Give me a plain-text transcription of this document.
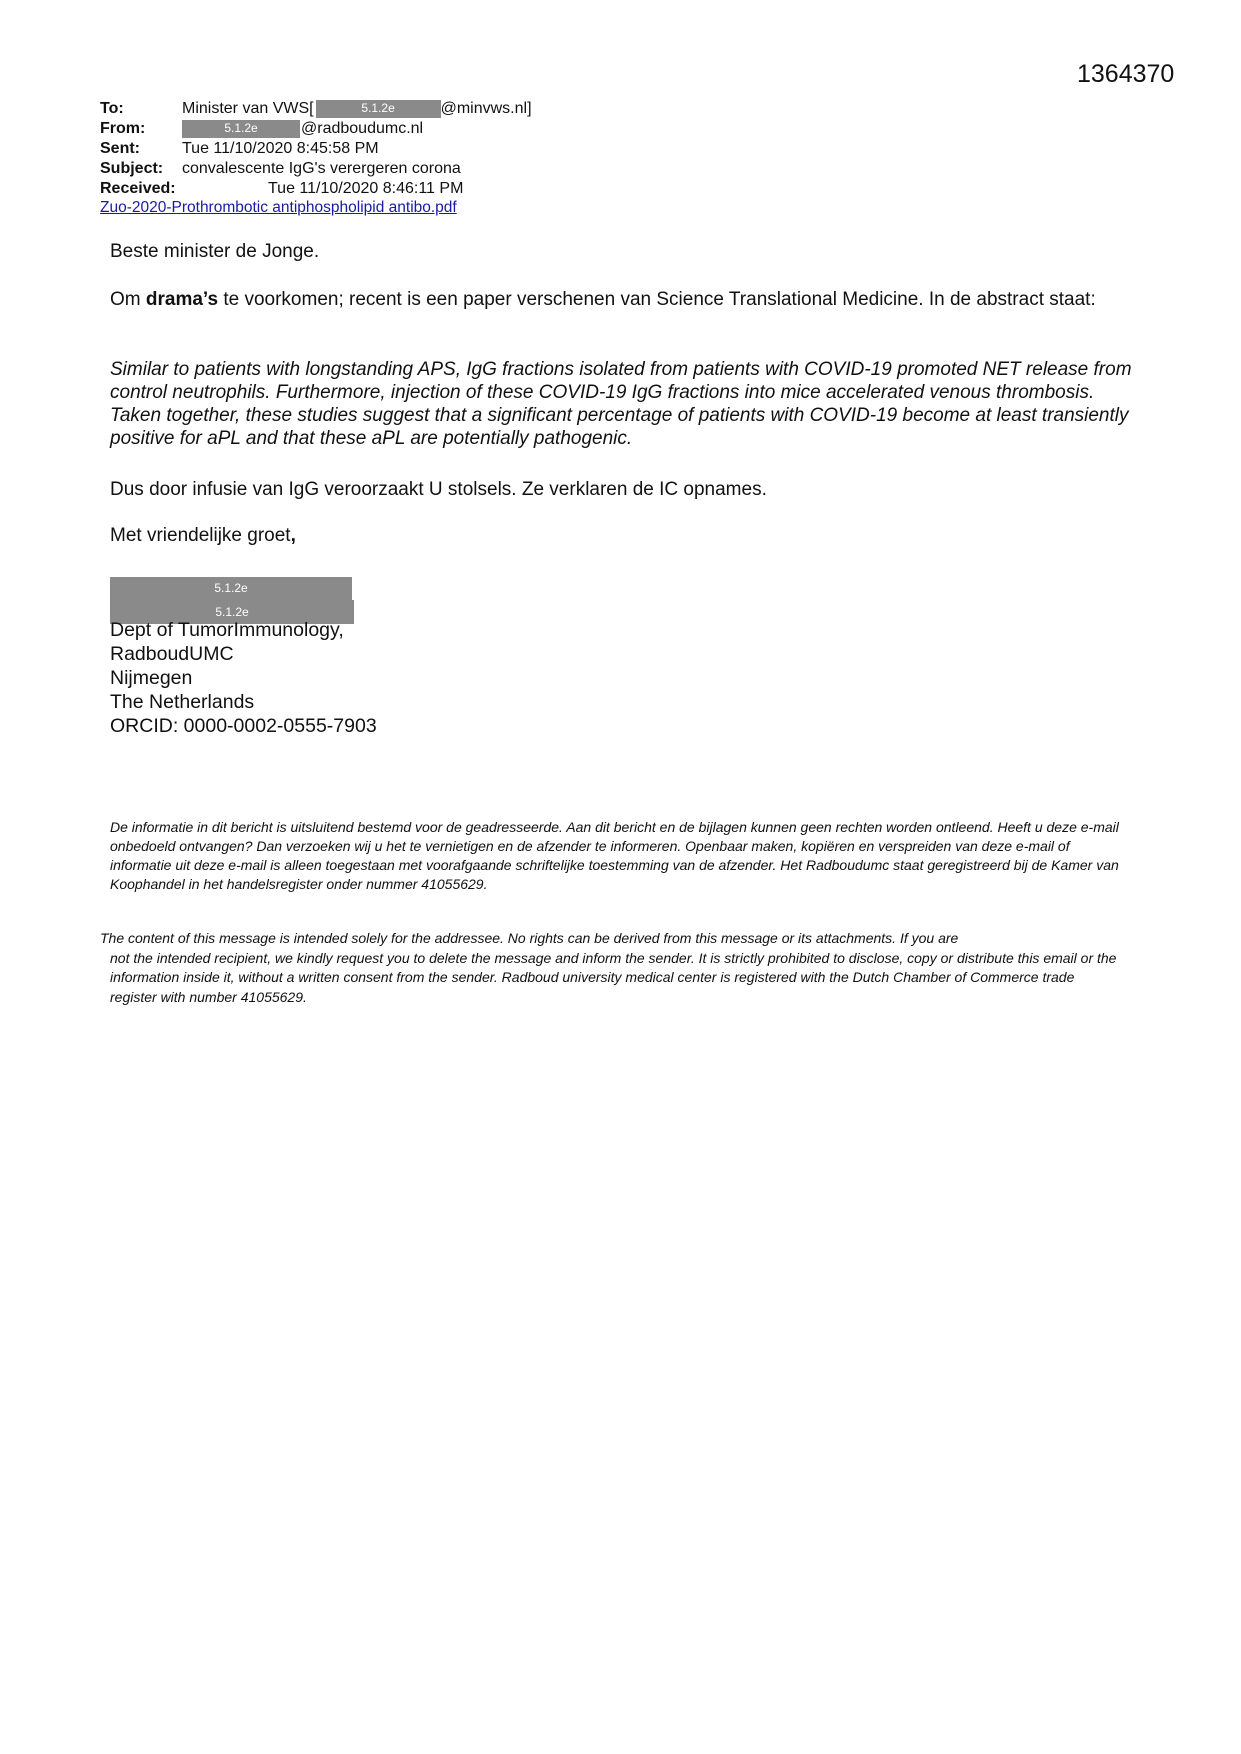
1364370
To:	Minister van VWS[	5.1.2e	@minvws.nl]
From:	5.1.2e	@radboudumc.nl
Sent:	Tue 11/10/2020 8:45:58 PM
Subject: convalescente IgG's verergeren corona
Received:	Tue 11/10/2020 8:46:11 PM
Zuo-2020-Prothrombotic antiphospholipid antibo.pdf

Beste minister de Jonge.

Om drama’s te voorkomen; recent is een paper verschenen van Science Translational Medicine. In de abstract staat:

Similar to patients with longstanding APS, IgG fractions isolated from patients with COVID-19 promoted NET release from control neutrophils. Furthermore, injection of these COVID-19 IgG fractions into mice accelerated venous thrombosis. Taken together, these studies suggest that a significant percentage of patients with COVID-19 become at least transiently positive for aPL and that these aPL are potentially pathogenic.

Dus door infusie van IgG veroorzaakt U stolsels. Ze verklaren de IC opnames.

Met vriendelijke groet,

5.1.2e
5.1.2e
Dept of TumorImmunology,
RadboudUMC
Nijmegen
The Netherlands
ORCID: 0000-0002-0555-7903
De informatie in dit bericht is uitsluitend bestemd voor de geadresseerde. Aan dit bericht en de bijlagen kunnen geen rechten worden ontleend. Heeft u deze e-mail onbedoeld ontvangen? Dan verzoeken wij u het te vernietigen en de afzender te informeren. Openbaar maken, kopiëren en verspreiden van deze e-mail of informatie uit deze e-mail is alleen toegestaan met voorafgaande schriftelijke toestemming van de afzender. Het Radboudumc staat geregistreerd bij de Kamer van Koophandel in het handelsregister onder nummer 41055629.
The content of this message is intended solely for the addressee. No rights can be derived from this message or its attachments. If you are
not the intended recipient, we kindly request you to delete the message and inform the sender. It is strictly prohibited to disclose, copy or distribute this email or the information inside it, without a written consent from the sender. Radboud university medical center is registered with the Dutch Chamber of Commerce trade register with number 41055629.
